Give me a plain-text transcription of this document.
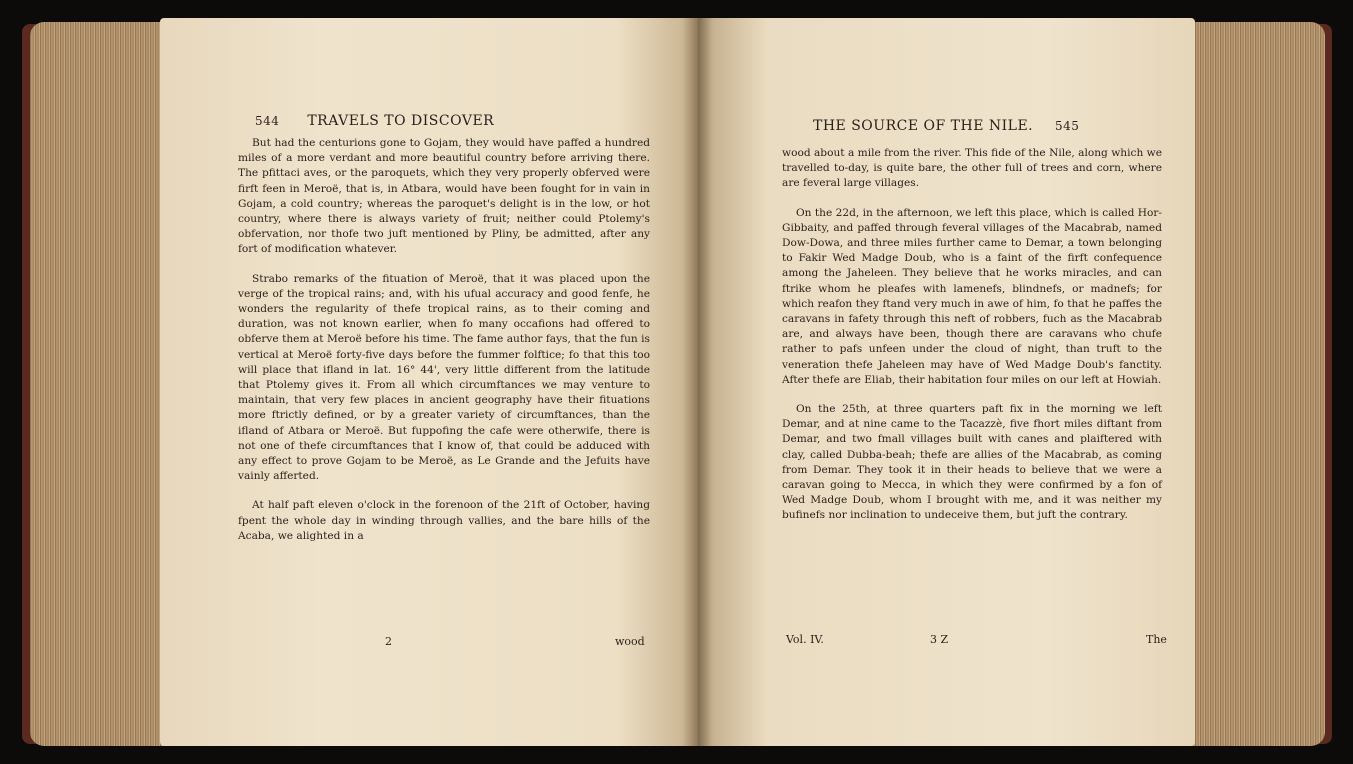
544 TRAVELS TO DISCOVER

But had the centurions gone to Gojam, they would have paffed a hundred miles of a more verdant and more beautiful country before arriving there. The pfittaci aves, or the paroquets, which they very properly obferved were firft feen in Meroë, that is, in Atbara, would have been fought for in vain in Gojam, a cold country; whereas the paroquet's delight is in the low, or hot country, where there is always variety of fruit; neither could Ptolemy's obfervation, nor thofe two juft mentioned by Pliny, be admitted, after any fort of modification whatever.

Strabo remarks of the fituation of Meroë, that it was placed upon the verge of the tropical rains; and, with his ufual accuracy and good fenfe, he wonders the regularity of thefe tropical rains, as to their coming and duration, was not known earlier, when fo many occafions had offered to obferve them at Meroë before his time. The fame author fays, that the fun is vertical at Meroë forty-five days before the fummer folftice; fo that this too will place that ifland in lat. 16° 44', very little different from the latitude that Ptolemy gives it. From all which circumftances we may venture to maintain, that very few places in ancient geography have their fituations more ftrictly defined, or by a greater variety of circumftances, than the ifland of Atbara or Meroë. But fuppofing the cafe were otherwife, there is not one of thefe circumftances that I know of, that could be adduced with any effect to prove Gojam to be Meroë, as Le Grande and the Jefuits have vainly afferted.

At half paft eleven o'clock in the forenoon of the 21ft of October, having fpent the whole day in winding through vallies, and the bare hills of the Acaba, we alighted in a

2	wood
THE SOURCE OF THE NILE. 545

wood about a mile from the river. This fide of the Nile, along which we travelled to-day, is quite bare, the other full of trees and corn, where are feveral large villages.

On the 22d, in the afternoon, we left this place, which is called Hor-Gibbaity, and paffed through feveral villages of the Macabrab, named Dow-Dowa, and three miles further came to Demar, a town belonging to Fakir Wed Madge Doub, who is a faint of the firft confequence among the Jaheleen. They believe that he works miracles, and can ftrike whom he pleafes with lamenefs, blindnefs, or madnefs; for which reafon they ftand very much in awe of him, fo that he paffes the caravans in fafety through this neft of robbers, fuch as the Macabrab are, and always have been, though there are caravans who chufe rather to pafs unfeen under the cloud of night, than truft to the veneration thefe Jaheleen may have of Wed Madge Doub's fanctity. After thefe are Eliab, their habitation four miles on our left at Howiah.

On the 25th, at three quarters paft fix in the morning we left Demar, and at nine came to the Tacazzè, five fhort miles diftant from Demar, and two fmall villages built with canes and plaiftered with clay, called Dubba-beah; thefe are allies of the Macabrab, as coming from Demar. They took it in their heads to believe that we were a caravan going to Mecca, in which they were confirmed by a fon of Wed Madge Doub, whom I brought with me, and it was neither my bufinefs nor inclination to undeceive them, but juft the contrary.

Vol. IV.	3 Z	The
